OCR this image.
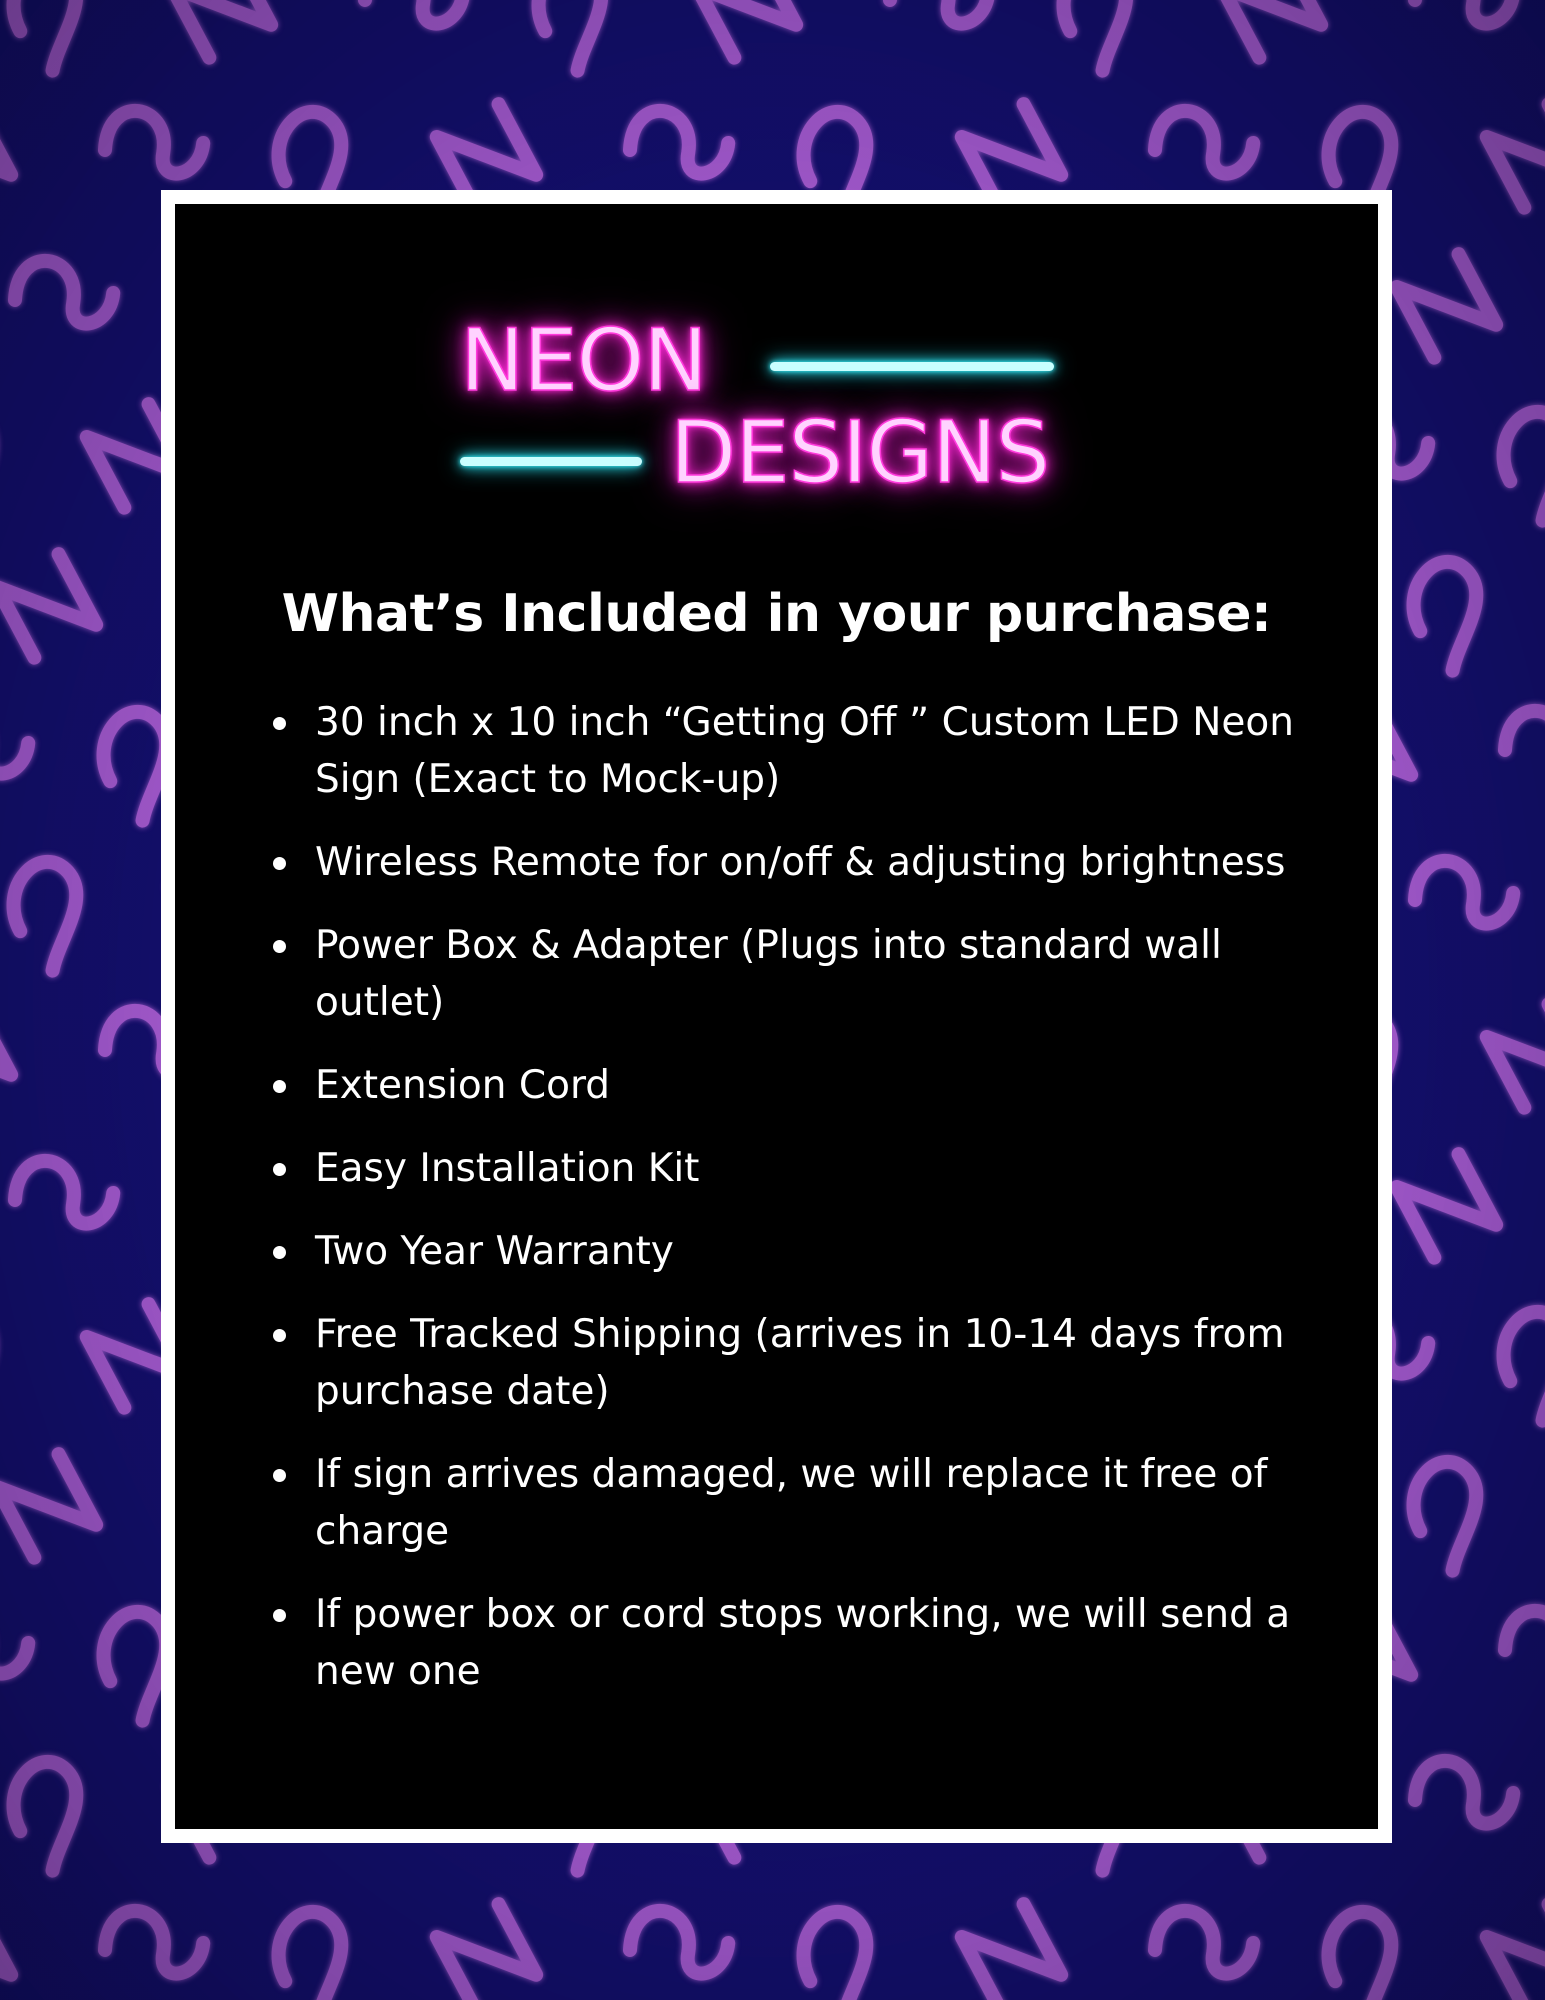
NEON
DESIGNS
What’s Included in your purchase:
30 inch x 10 inch “Getting Off ” Custom LED Neon Sign (Exact to Mock-up)
Wireless Remote for on/off & adjusting brightness
Power Box & Adapter (Plugs into standard wall outlet)
Extension Cord
Easy Installation Kit
Two Year Warranty
Free Tracked Shipping (arrives in 10-14 days from purchase date)
If sign arrives damaged, we will replace it free of charge
If power box or cord stops working, we will send a new one
